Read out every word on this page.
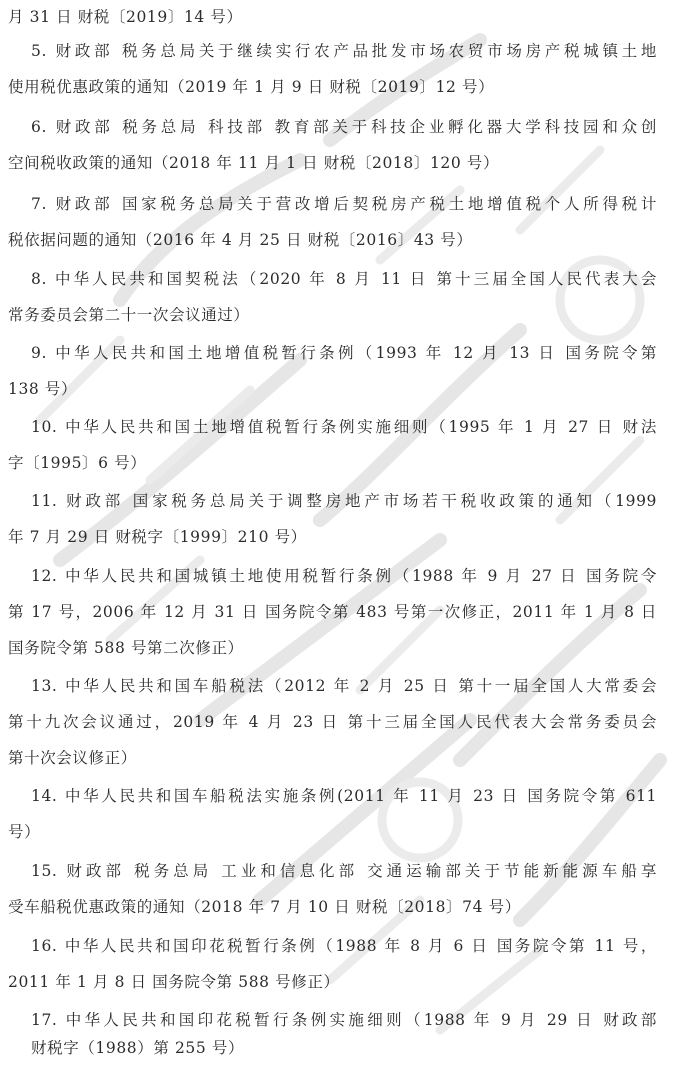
月 31 日 财税〔2019〕14 号）
5. 财政部 税务总局关于继续实行农产品批发市场农贸市场房产税城镇土地
使用税优惠政策的通知（2019 年 1 月 9 日 财税〔2019〕12 号）
6. 财政部 税务总局 科技部 教育部关于科技企业孵化器大学科技园和众创
空间税收政策的通知（2018 年 11 月 1 日 财税〔2018〕120 号）
7. 财政部 国家税务总局关于营改增后契税房产税土地增值税个人所得税计
税依据问题的通知（2016 年 4 月 25 日 财税〔2016〕43 号）
8. 中华人民共和国契税法（2020 年 8 月 11 日 第十三届全国人民代表大会
常务委员会第二十一次会议通过）
9. 中华人民共和国土地增值税暂行条例（1993 年 12 月 13 日 国务院令第
138 号）
10. 中华人民共和国土地增值税暂行条例实施细则（1995 年 1 月 27 日 财法
字〔1995〕6 号）
11. 财政部 国家税务总局关于调整房地产市场若干税收政策的通知（1999
年 7 月 29 日 财税字〔1999〕210 号）
12. 中华人民共和国城镇土地使用税暂行条例（1988 年 9 月 27 日 国务院令
第 17 号，2006 年 12 月 31 日 国务院令第 483 号第一次修正，2011 年 1 月 8 日
国务院令第 588 号第二次修正）
13. 中华人民共和国车船税法（2012 年 2 月 25 日 第十一届全国人大常委会
第十九次会议通过，2019 年 4 月 23 日 第十三届全国人民代表大会常务委员会
第十次会议修正）
14. 中华人民共和国车船税法实施条例(2011 年 11 月 23 日 国务院令第 611
号）
15. 财政部 税务总局 工业和信息化部 交通运输部关于节能新能源车船享
受车船税优惠政策的通知（2018 年 7 月 10 日 财税〔2018〕74 号）
16. 中华人民共和国印花税暂行条例（1988 年 8 月 6 日 国务院令第 11 号，
2011 年 1 月 8 日 国务院令第 588 号修正）
17. 中华人民共和国印花税暂行条例实施细则（1988 年 9 月 29 日 财政部
财税字（1988）第 255 号）
